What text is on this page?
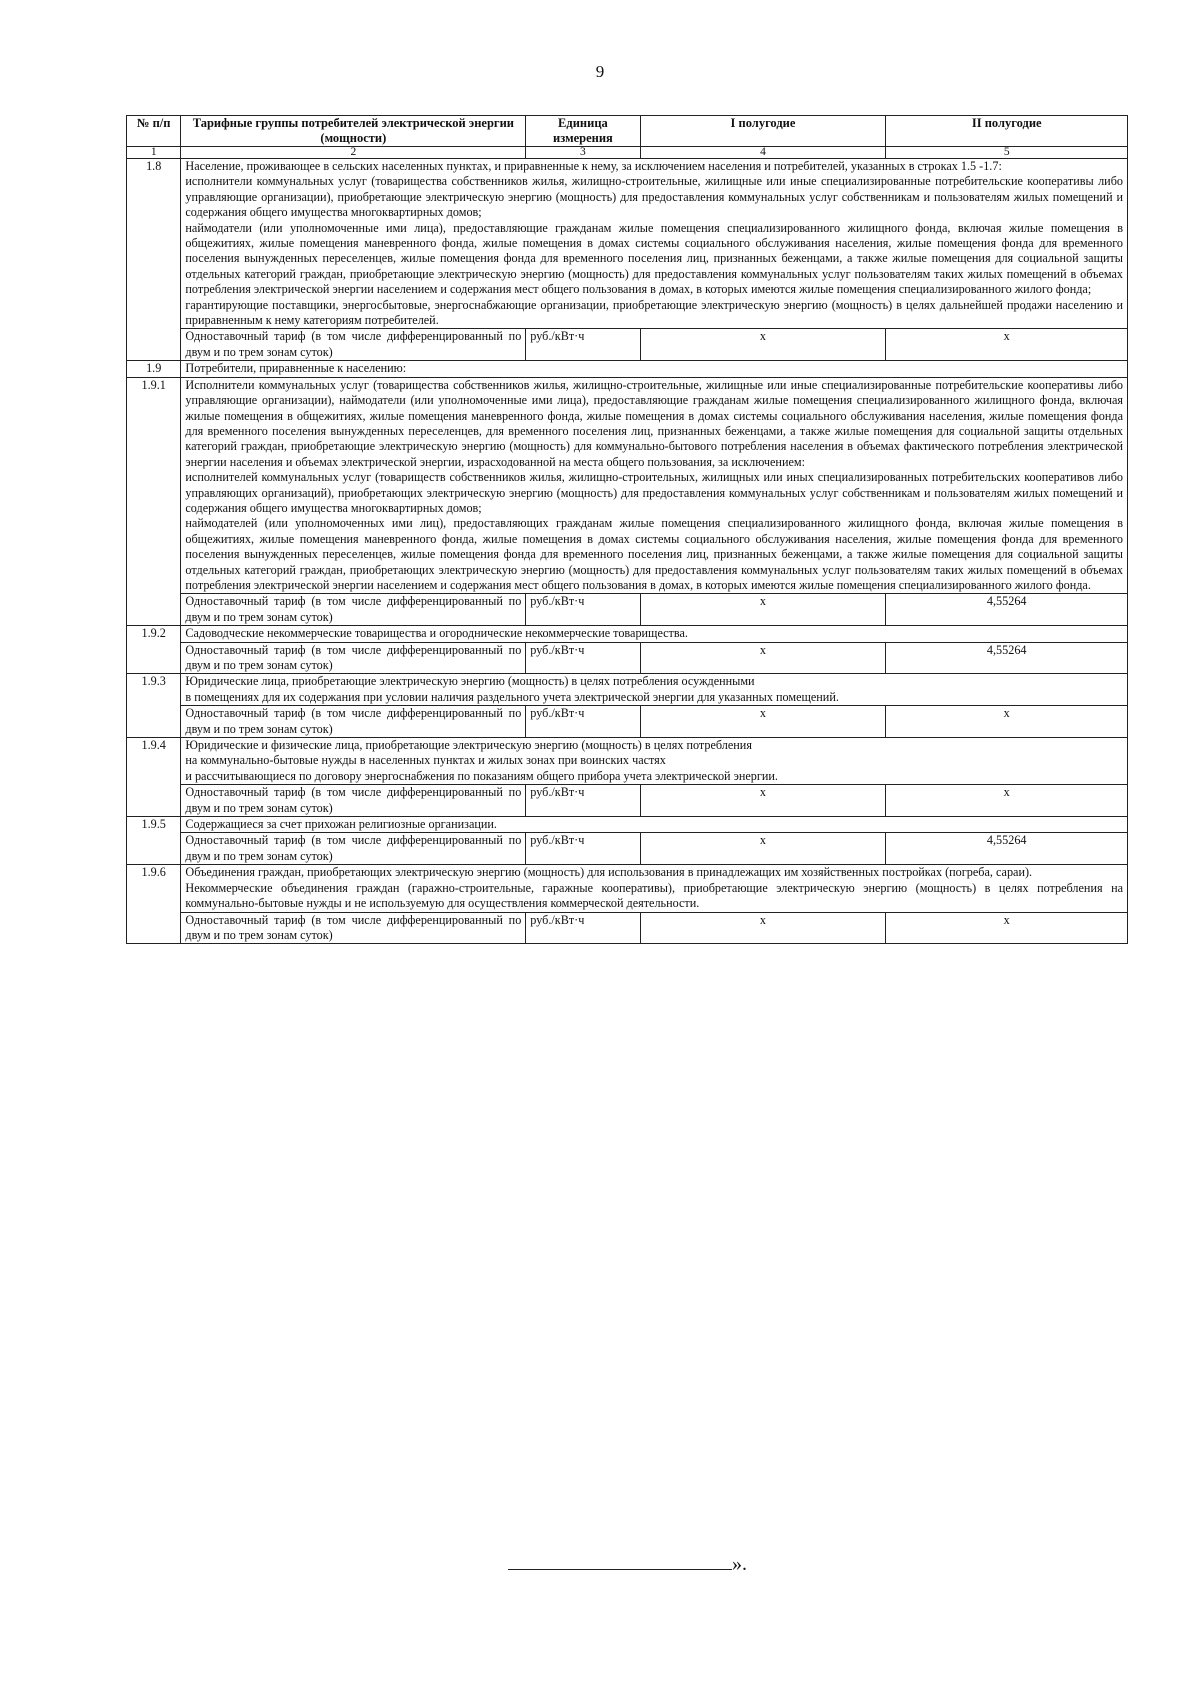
9
№ п/п	Тарифные группы потребителей электрической энергии (мощности)	Единица измерения	I полугодие	II полугодие
1	2	3	4	5
1.8	Население, проживающее в сельских населенных пунктах, и приравненные к нему, за исключением населения и потребителей, указанных в строках 1.5 -1.7:

исполнители коммунальных услуг (товарищества собственников жилья, жилищно-строительные, жилищные или иные специализированные потребительские кооперативы либо управляющие организации), приобретающие электрическую энергию (мощность) для предоставления коммунальных услуг собственникам и пользователям жилых помещений и содержания общего имущества многоквартирных домов;

наймодатели (или уполномоченные ими лица), предоставляющие гражданам жилые помещения специализированного жилищного фонда, включая жилые помещения в общежитиях, жилые помещения маневренного фонда, жилые помещения в домах системы социального обслуживания населения, жилые помещения фонда для временного поселения вынужденных переселенцев, жилые помещения фонда для временного поселения лиц, признанных беженцами, а также жилые помещения для социальной защиты отдельных категорий граждан, приобретающие электрическую энергию (мощность) для предоставления коммунальных услуг пользователям таких жилых помещений в объемах потребления электрической энергии населением и содержания мест общего пользования в домах, в которых имеются жилые помещения специализированного жилого фонда;

гарантирующие поставщики, энергосбытовые, энергоснабжающие организации, приобретающие электрическую энергию (мощность) в целях дальнейшей продажи населению и приравненным к нему категориям потребителей.			

	Одноставочный тариф (в том числе дифференцированный по двум и по трем зонам суток)	руб./кВт·ч	х	х
1.9	Потребители, приравненные к населению:			

1.9.1	Исполнители коммунальных услуг (товарищества собственников жилья, жилищно-строительные, жилищные или иные специализированные потребительские кооперативы либо управляющие организации), наймодатели (или уполномоченные ими лица), предоставляющие гражданам жилые помещения специализированного жилищного фонда, включая жилые помещения в общежитиях, жилые помещения маневренного фонда, жилые помещения в домах системы социального обслуживания населения, жилые помещения фонда для временного поселения вынужденных переселенцев, для временного поселения лиц, признанных беженцами, а также жилые помещения для социальной защиты отдельных категорий граждан, приобретающие электрическую энергию (мощность) для коммунально-бытового потребления населения в объемах фактического потребления электрической энергии населения и объемах электрической энергии, израсходованной на места общего пользования, за исключением:

исполнителей коммунальных услуг (товариществ собственников жилья, жилищно-строительных, жилищных или иных специализированных потребительских кооперативов либо управляющих организаций), приобретающих электрическую энергию (мощность) для предоставления коммунальных услуг собственникам и пользователям жилых помещений и содержания общего имущества многоквартирных домов;

наймодателей (или уполномоченных ими лиц), предоставляющих гражданам жилые помещения специализированного жилищного фонда, включая жилые помещения в общежитиях, жилые помещения маневренного фонда, жилые помещения в домах системы социального обслуживания населения, жилые помещения фонда для временного поселения вынужденных переселенцев, жилые помещения фонда для временного поселения лиц, признанных беженцами, а также жилые помещения для социальной защиты отдельных категорий граждан, приобретающих электрическую энергию (мощность) для предоставления коммунальных услуг пользователям таких жилых помещений в объемах потребления электрической энергии населением и содержания мест общего пользования в домах, в которых имеются жилые помещения специализированного жилого фонда.			

	Одноставочный тариф (в том числе дифференцированный по двум и по трем зонам суток)	руб./кВт·ч	х	4,55264
1.9.2	Садоводческие некоммерческие товарищества и огороднические некоммерческие товарищества.			

	Одноставочный тариф (в том числе дифференцированный по двум и по трем зонам суток)	руб./кВт·ч	х	4,55264
1.9.3	Юридические лица, приобретающие электрическую энергию (мощность) в целях потребления осужденными

в помещениях для их содержания при условии наличия раздельного учета электрической энергии для указанных помещений.			

	Одноставочный тариф (в том числе дифференцированный по двум и по трем зонам суток)	руб./кВт·ч	х	х
1.9.4	Юридические и физические лица, приобретающие электрическую энергию (мощность) в целях потребления

на коммунально-бытовые нужды в населенных пунктах и жилых зонах при воинских частях

и рассчитывающиеся по договору энергоснабжения по показаниям общего прибора учета электрической энергии.			

	Одноставочный тариф (в том числе дифференцированный по двум и по трем зонам суток)	руб./кВт·ч	х	х
1.9.5	Содержащиеся за счет прихожан религиозные организации.			

	Одноставочный тариф (в том числе дифференцированный по двум и по трем зонам суток)	руб./кВт·ч	х	4,55264
1.9.6	Объединения граждан, приобретающих электрическую энергию (мощность) для использования в принадлежащих им хозяйственных постройках (погреба, сараи).

Некоммерческие объединения граждан (гаражно-строительные, гаражные кооперативы), приобретающие электрическую энергию (мощность) в целях потребления на коммунально-бытовые нужды и не используемую для осуществления коммерческой деятельности.			

	Одноставочный тариф (в том числе дифференцированный по двум и по трем зонам суток)	руб./кВт·ч	х	х
».
